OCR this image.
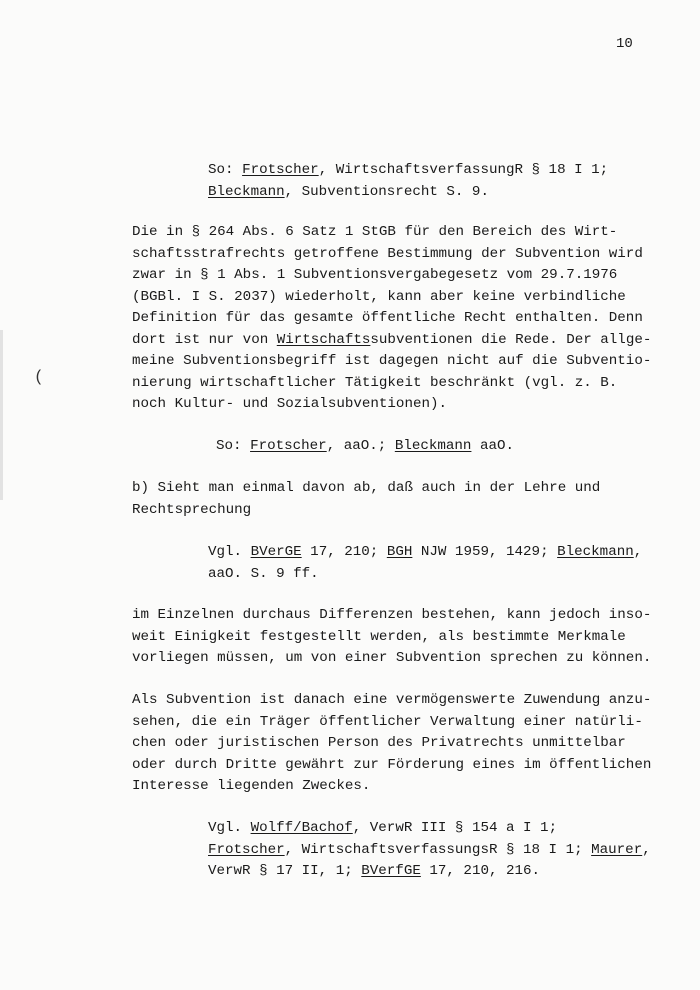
10
(
So: Frotscher, WirtschaftsverfassungR § 18 I 1;
Bleckmann, Subventionsrecht S. 9.
Die in § 264 Abs. 6 Satz 1 StGB für den Bereich des Wirt-
schaftsstrafrechts getroffene Bestimmung der Subvention wird
zwar in § 1 Abs. 1 Subventionsvergabegesetz vom 29.7.1976
(BGBl. I S. 2037) wiederholt, kann aber keine verbindliche
Definition für das gesamte öffentliche Recht enthalten. Denn
dort ist nur von Wirtschaftssubventionen die Rede. Der allge-
meine Subventionsbegriff ist dagegen nicht auf die Subventio-
nierung wirtschaftlicher Tätigkeit beschränkt (vgl. z. B.
noch Kultur- und Sozialsubventionen).
So: Frotscher, aaO.; Bleckmann aaO.
b) Sieht man einmal davon ab, daß auch in der Lehre und
Rechtsprechung
Vgl. BVerGE 17, 210; BGH NJW 1959, 1429; Bleckmann,
aaO. S. 9 ff.
im Einzelnen durchaus Differenzen bestehen, kann jedoch inso-
weit Einigkeit festgestellt werden, als bestimmte Merkmale
vorliegen müssen, um von einer Subvention sprechen zu können.
Als Subvention ist danach eine vermögenswerte Zuwendung anzu-
sehen, die ein Träger öffentlicher Verwaltung einer natürli-
chen oder juristischen Person des Privatrechts unmittelbar
oder durch Dritte gewährt zur Förderung eines im öffentlichen
Interesse liegenden Zweckes.
Vgl. Wolff/Bachof, VerwR III § 154 a I 1;
Frotscher, WirtschaftsverfassungsR § 18 I 1; Maurer,
VerwR § 17 II, 1; BVerfGE 17, 210, 216.
